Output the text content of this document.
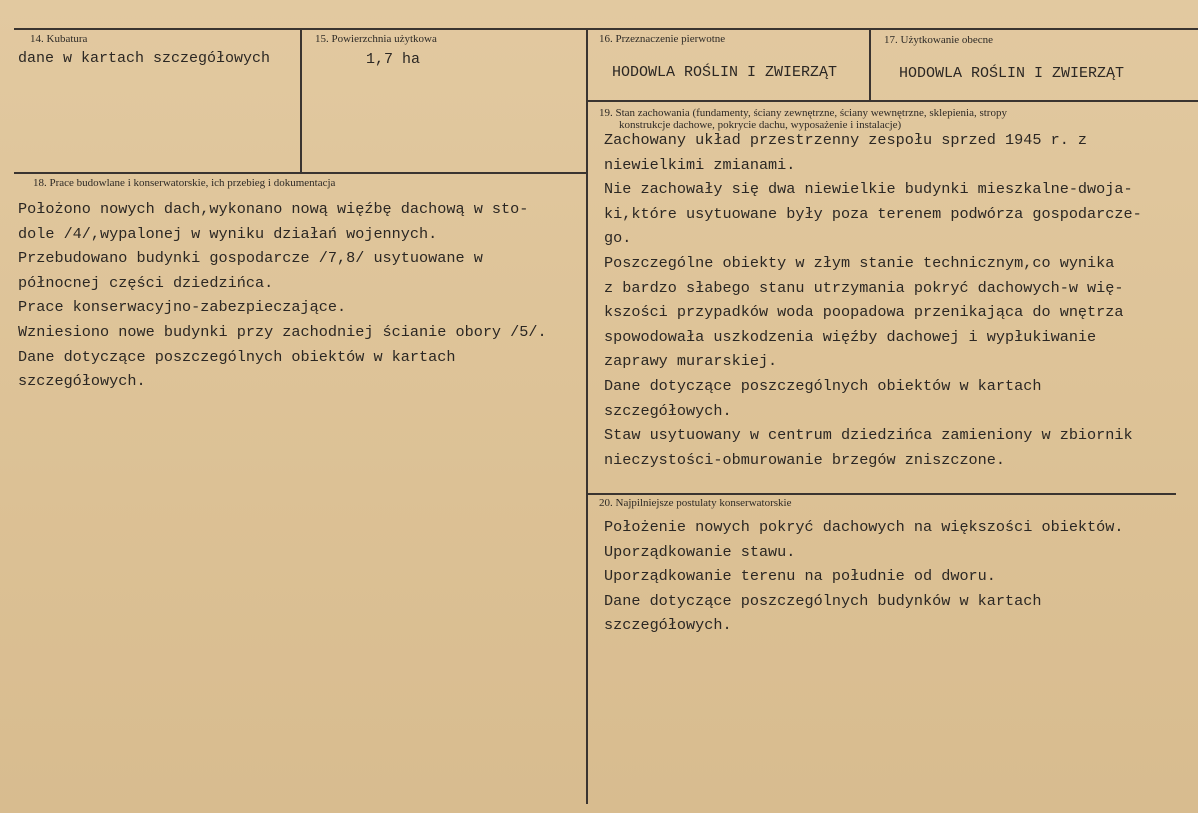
14. Kubatura
dane w kartach szczegółowych
15. Powierzchnia użytkowa
1,7 ha
16. Przeznaczenie pierwotne
HODOWLA ROŚLIN I ZWIERZĄT
17. Użytkowanie obecne
HODOWLA ROŚLIN I ZWIERZĄT
19. Stan zachowania (fundamenty, ściany zewnętrzne, ściany wewnętrzne, sklepienia, stropy
konstrukcje dachowe, pokrycie dachu, wyposażenie i instalacje)
Zachowany układ przestrzenny zespołu sprzed 1945 r. z
niewielkimi zmianami.
Nie zachowały się dwa niewielkie budynki mieszkalne-dwoja-
ki,które usytuowane były poza terenem podwórza gospodarcze-
go.
Poszczególne obiekty w złym stanie technicznym,co wynika
z bardzo słabego stanu utrzymania pokryć dachowych-w wię-
kszości przypadków woda poopadowa przenikająca do wnętrza
spowodowała uszkodzenia więźby dachowej i wypłukiwanie
zaprawy murarskiej.
Dane dotyczące poszczególnych obiektów w kartach
szczegółowych.
Staw usytuowany w centrum dziedzińca zamieniony w zbiornik
nieczystości-obmurowanie brzegów zniszczone.
18. Prace budowlane i konserwatorskie, ich przebieg i dokumentacja
Położono nowych dach,wykonano nową więźbę dachową w sto-
dole /4/,wypalonej w wyniku działań wojennych.
Przebudowano budynki gospodarcze /7,8/ usytuowane w
północnej części dziedzińca.
Prace konserwacyjno-zabezpieczające.
Wzniesiono nowe budynki przy zachodniej ścianie obory /5/.
Dane dotyczące poszczególnych obiektów w kartach
szczegółowych.
20. Najpilniejsze postulaty konserwatorskie
Położenie nowych pokryć dachowych na większości obiektów.
Uporządkowanie stawu.
Uporządkowanie terenu na południe od dworu.
Dane dotyczące poszczególnych budynków w kartach
szczegółowych.
